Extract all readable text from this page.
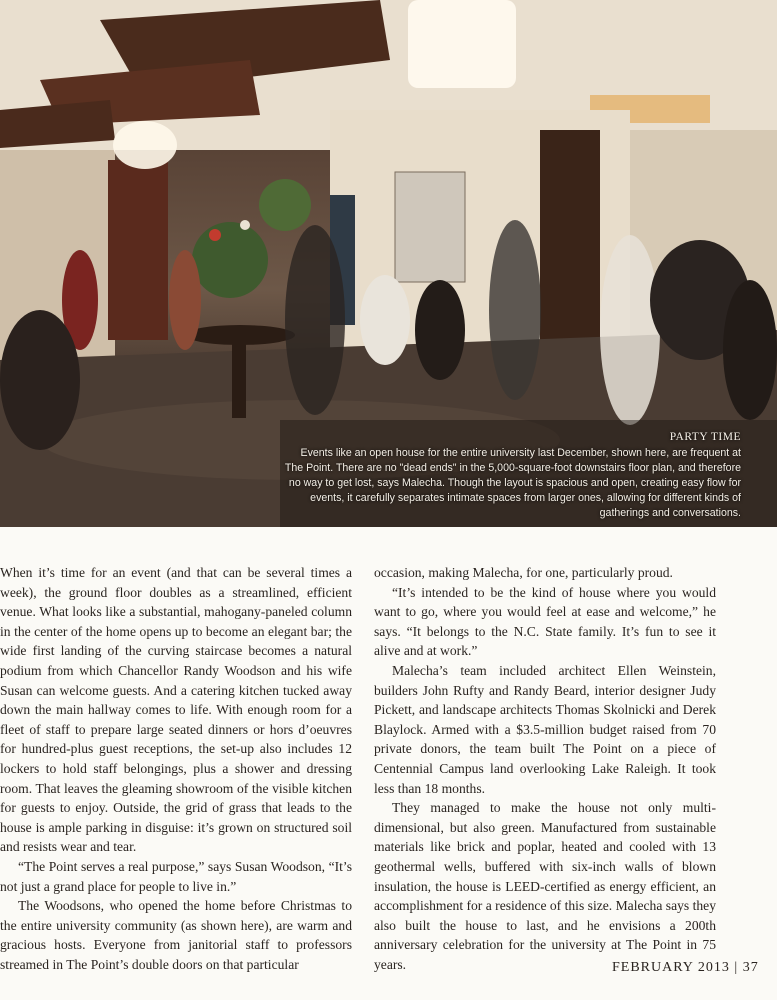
PARTY TIME
Events like an open house for the entire university last December, shown here, are frequent at The Point. There are no "dead ends" in the 5,000-square-foot downstairs floor plan, and therefore no way to get lost, says Malecha. Though the layout is spacious and open, creating easy flow for events, it carefully separates intimate spaces from larger ones, allowing for different kinds of gatherings and conversations.

When it’s time for an event (and that can be several times a week), the ground floor doubles as a streamlined, efficient venue. What looks like a substantial, mahogany-paneled column in the center of the home opens up to become an elegant bar; the wide first landing of the curving staircase becomes a natural podium from which Chancellor Randy Woodson and his wife Susan can welcome guests. And a catering kitchen tucked away down the main hallway comes to life. With enough room for a fleet of staff to prepare large seated dinners or hors d’oeuvres for hundred-plus guest receptions, the set-up also includes 12 lockers to hold staff belongings, plus a shower and dressing room. That leaves the gleaming showroom of the visible kitchen for guests to enjoy. Outside, the grid of grass that leads to the house is ample parking in disguise: it’s grown on structured soil and resists wear and tear.

“The Point serves a real purpose,” says Susan Woodson, “It’s not just a grand place for people to live in.”

The Woodsons, who opened the home before Christmas to the entire university community (as shown here), are warm and gracious hosts. Everyone from janitorial staff to professors streamed in The Point’s double doors on that particular

occasion, making Malecha, for one, particularly proud.

“It’s intended to be the kind of house where you would want to go, where you would feel at ease and welcome,” he says. “It belongs to the N.C. State family. It’s fun to see it alive and at work.”

Malecha’s team included architect Ellen Weinstein, builders John Rufty and Randy Beard, interior designer Judy Pickett, and landscape architects Thomas Skolnicki and Derek Blaylock. Armed with a $3.5-million budget raised from 70 private donors, the team built The Point on a piece of Centennial Campus land overlooking Lake Raleigh. It took less than 18 months.

They managed to make the house not only multi-dimensional, but also green. Manufactured from sustainable materials like brick and poplar, heated and cooled with 13 geothermal wells, buffered with six-inch walls of blown insulation, the house is LEED-certified as energy efficient, an accomplishment for a residence of this size. Malecha says they also built the house to last, and he envisions a 200th anniversary celebration for the university at The Point in 75 years.	FEBRUARY 2013 | 37
